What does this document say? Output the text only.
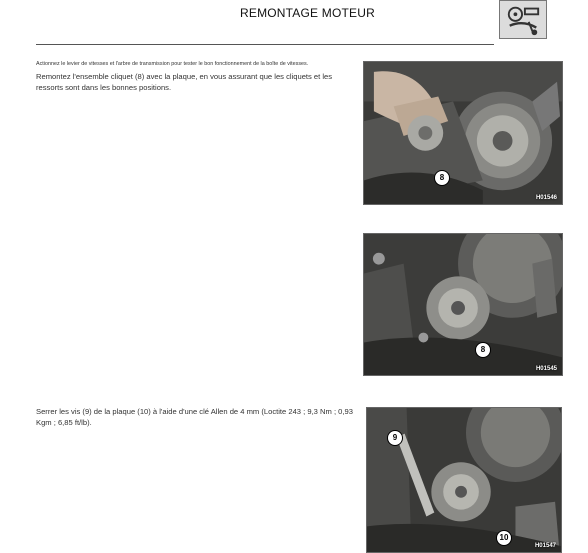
REMONTAGE MOTEUR
Actionnez le levier de vitesses et l'arbre de transmission pour tester le bon fonctionnement de la boîte de vitesses.
Remontez l'ensemble cliquet (8) avec la plaque, en vous assurant que les cliquets et les ressorts sont dans les bonnes positions.
8
H01546
8
H01545
Serrer les vis (9) de la plaque (10) à l'aide d'une clé Allen de 4 mm (Loctite 243 ; 9,3 Nm ; 0,93 Kgm ; 6,85 ft/lb).
9
10
H01547
